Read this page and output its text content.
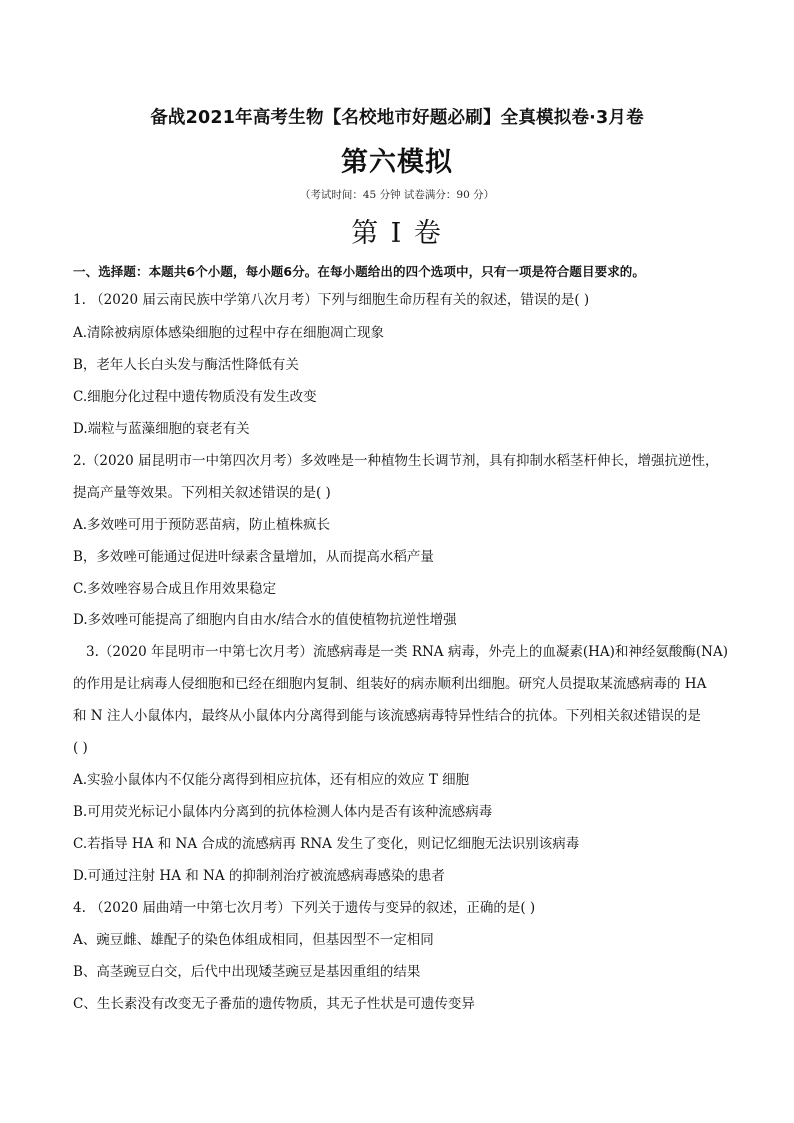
备战2021年高考生物【名校地市好题必刷】全真模拟卷·3月卷
第六模拟
（考试时间：45 分钟 试卷满分：90 分）
第 I 卷
一、选择题：本题共6个小题，每小题6分。在每小题给出的四个选项中，只有一项是符合题目要求的。
1. （2020 届云南民族中学第八次月考）下列与细胞生命历程有关的叙述，错误的是( )
A.清除被病原体感染细胞的过程中存在细胞凋亡现象
B，老年人长白头发与酶活性降低有关
C.细胞分化过程中遗传物质没有发生改变
D.端粒与蓝藻细胞的衰老有关
2.（2020 届昆明市一中第四次月考）多效唑是一种植物生长调节剂，具有抑制水稻茎杆伸长，增强抗逆性，
提高产量等效果。下列相关叙述错误的是( )
A.多效唑可用于预防恶苗病，防止植株疯长
B，多效唑可能通过促进叶绿素含量增加，从而提高水稻产量
C.多效唑容易合成且作用效果稳定
D.多效唑可能提高了细胞内自由水/结合水的值使植物抗逆性增强
3.（2020 年昆明市一中第七次月考）流感病毒是一类 RNA 病毒，外壳上的血凝素(HA)和神经氨酸酶(NA)
的作用是让病毒人侵细胞和已经在细胞内复制、组装好的病赤顺利出细胞。研究人员提取某流感病毒的 HA
和 N 注人小鼠体内，最终从小鼠体内分离得到能与该流感病毒特异性结合的抗体。下列相关叙述错误的是
( )
A.实验小鼠体内不仅能分离得到相应抗体，还有相应的效应 T 细胞
B.可用荧光标记小鼠体内分离到的抗体检测人体内是否有该种流感病毒
C.若指导 HA 和 NA 合成的流感病再 RNA 发生了变化，则记忆细胞无法识别该病毒
D.可通过注射 HA 和 NA 的抑制剂治疗被流感病毒感染的患者
4. （2020 届曲靖一中第七次月考）下列关于遗传与变异的叙述，正确的是( )
A、豌豆雌、雄配子的染色体组成相同，但基因型不一定相同
B、高茎豌豆白交，后代中出现矮茎豌豆是基因重组的结果
C、生长素没有改变无子番茄的遗传物质，其无子性状是可遗传变异
